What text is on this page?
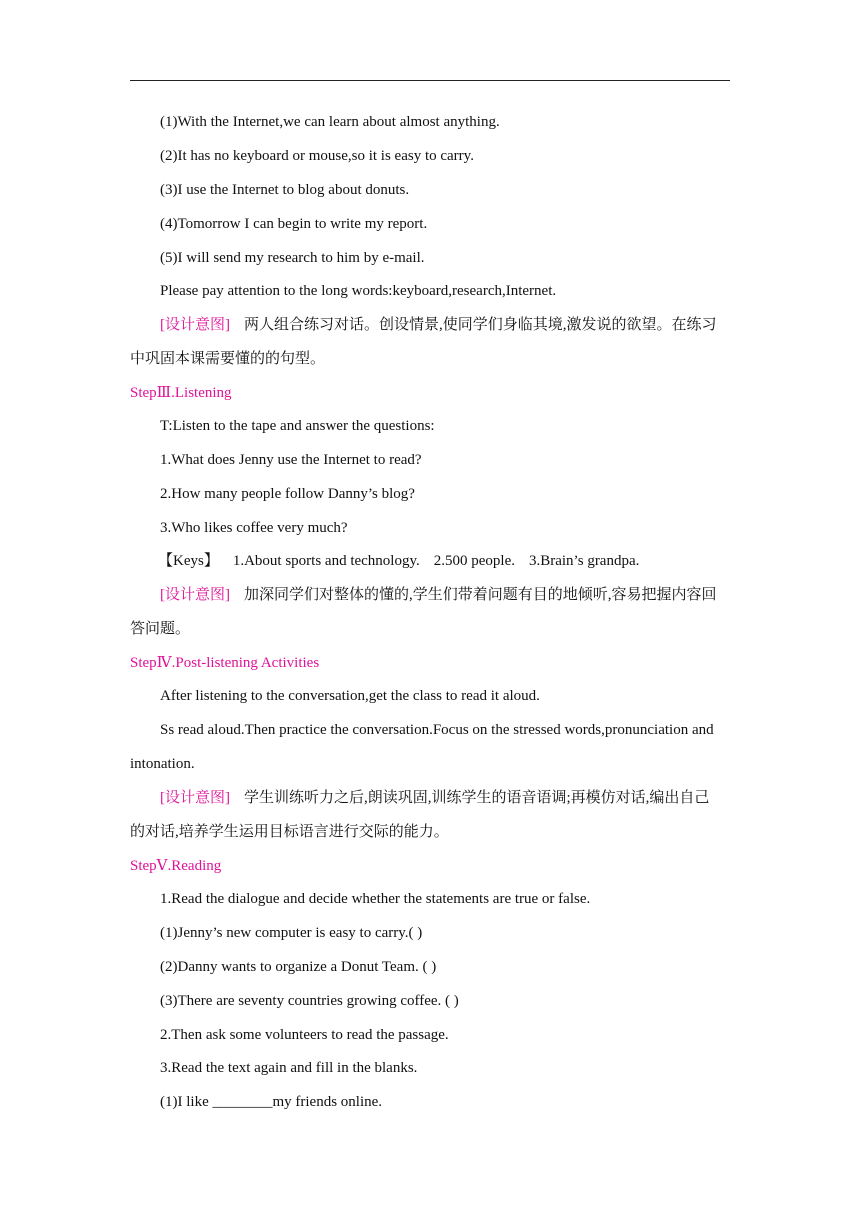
(1)With the Internet,we can learn about almost anything.
(2)It has no keyboard or mouse,so it is easy to carry.
(3)I use the Internet to blog about donuts.
(4)Tomorrow I can begin to write my report.
(5)I will send my research to him by e-mail.
Please pay attention to the long words:keyboard,research,Internet.
[设计意图] 两人组合练习对话。创设情景,使同学们身临其境,激发说的欲望。在练习
中巩固本课需要懂的的句型。
StepⅢ.Listening
T:Listen to the tape and answer the questions:
1.What does Jenny use the Internet to read?
2.How many people follow Danny’s blog?
3.Who likes coffee very much?
【Keys】 1.About sports and technology. 2.500 people. 3.Brain’s grandpa.
[设计意图] 加深同学们对整体的懂的,学生们带着问题有目的地倾听,容易把握内容回
答问题。
StepⅣ.Post-listening Activities
After listening to the conversation,get the class to read it aloud.
Ss read aloud.Then practice the conversation.Focus on the stressed words,pronunciation and
intonation.
[设计意图] 学生训练听力之后,朗读巩固,训练学生的语音语调;再模仿对话,编出自己
的对话,培养学生运用目标语言进行交际的能力。
StepⅤ.Reading
1.Read the dialogue and decide whether the statements are true or false.
(1)Jenny’s new computer is easy to carry.( )
(2)Danny wants to organize a Donut Team. ( )
(3)There are seventy countries growing coffee. ( )
2.Then ask some volunteers to read the passage.
3.Read the text again and fill in the blanks.
(1)I like ________my friends online.
